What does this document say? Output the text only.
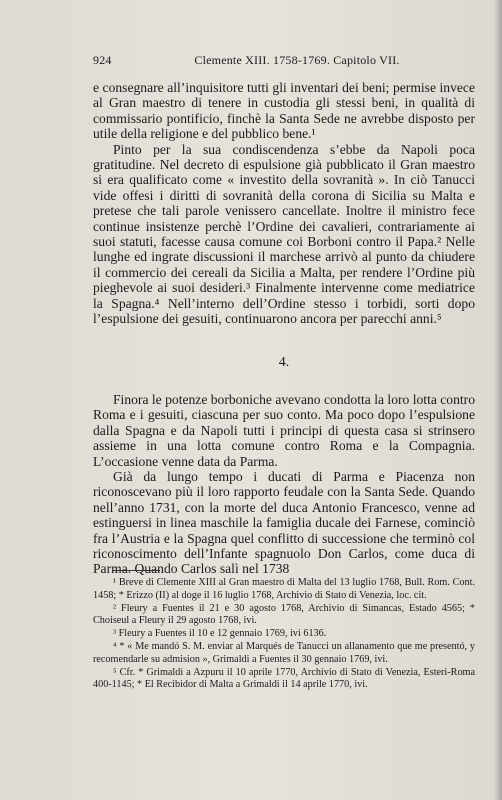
924	Clemente XIII. 1758-1769. Capitolo VII.

e consegnare all’inquisitore tutti gli inventari dei beni; permise invece al Gran maestro di tenere in custodia gli stessi beni, in qualità di commissario pontificio, finchè la Santa Sede ne avrebbe disposto per utile della religione e del pubblico bene.¹

Pinto per la sua condiscendenza s’ebbe da Napoli poca gratitudine. Nel decreto di espulsione già pubblicato il Gran maestro si era qualificato come « investito della sovranità ». In ciò Tanucci vide offesi i diritti di sovranità della corona di Sicilia su Malta e pretese che tali parole venissero cancellate. Inoltre il ministro fece continue insistenze perchè l’Ordine dei cavalieri, contrariamente ai suoi statuti, facesse causa comune coi Borboni contro il Papa.² Nelle lunghe ed ingrate discussioni il marchese arrivò al punto da chiudere il commercio dei cereali da Sicilia a Malta, per rendere l’Ordine più pieghevole ai suoi desideri.³ Finalmente intervenne come mediatrice la Spagna.⁴ Nell’interno dell’Ordine stesso i torbidi, sorti dopo l’espulsione dei gesuiti, continuarono ancora per parecchi anni.⁵

4.

Finora le potenze borboniche avevano condotta la loro lotta contro Roma e i gesuiti, ciascuna per suo conto. Ma poco dopo l’espulsione dalla Spagna e da Napoli tutti i principi di questa casa si strinsero assieme in una lotta comune contro Roma e la Compagnia. L’occasione venne data da Parma.

Già da lungo tempo i ducati di Parma e Piacenza non riconoscevano più il loro rapporto feudale con la Santa Sede. Quando nell’anno 1731, con la morte del duca Antonio Francesco, venne ad estinguersi in linea maschile la famiglia ducale dei Farnese, cominciò fra l’Austria e la Spagna quel conflitto di successione che terminò col riconoscimento dell’Infante spagnuolo Don Carlos, come duca di Parma. Quando Carlos salì nel 1738

¹ Breve di Clemente XIII al Gran maestro di Malta del 13 luglio 1768, Bull. Rom. Cont. 1458; * Erizzo (II) al doge il 16 luglio 1768, Archivio di Stato di Venezia, loc. cit.

² Fleury a Fuentes il 21 e 30 agosto 1768, Archivio di Simancas, Estado 4565; * Choiseul a Fleury il 29 agosto 1768, ivi.

³ Fleury a Fuentes il 10 e 12 gennaio 1769, ivi 6136.

⁴ * « Me mandó S. M. enviar al Marqués de Tanucci un allanamento que me presentó, y recomendarle su admision », Grimaldi a Fuentes il 30 gennaio 1769, ivi.

⁵ Cfr. * Grimaldi a Azpuru il 10 aprile 1770, Archivio di Stato di Venezia, Esteri-Roma 400-1145; * El Recibidor di Malta a Grimaldi il 14 aprile 1770, ivi.
